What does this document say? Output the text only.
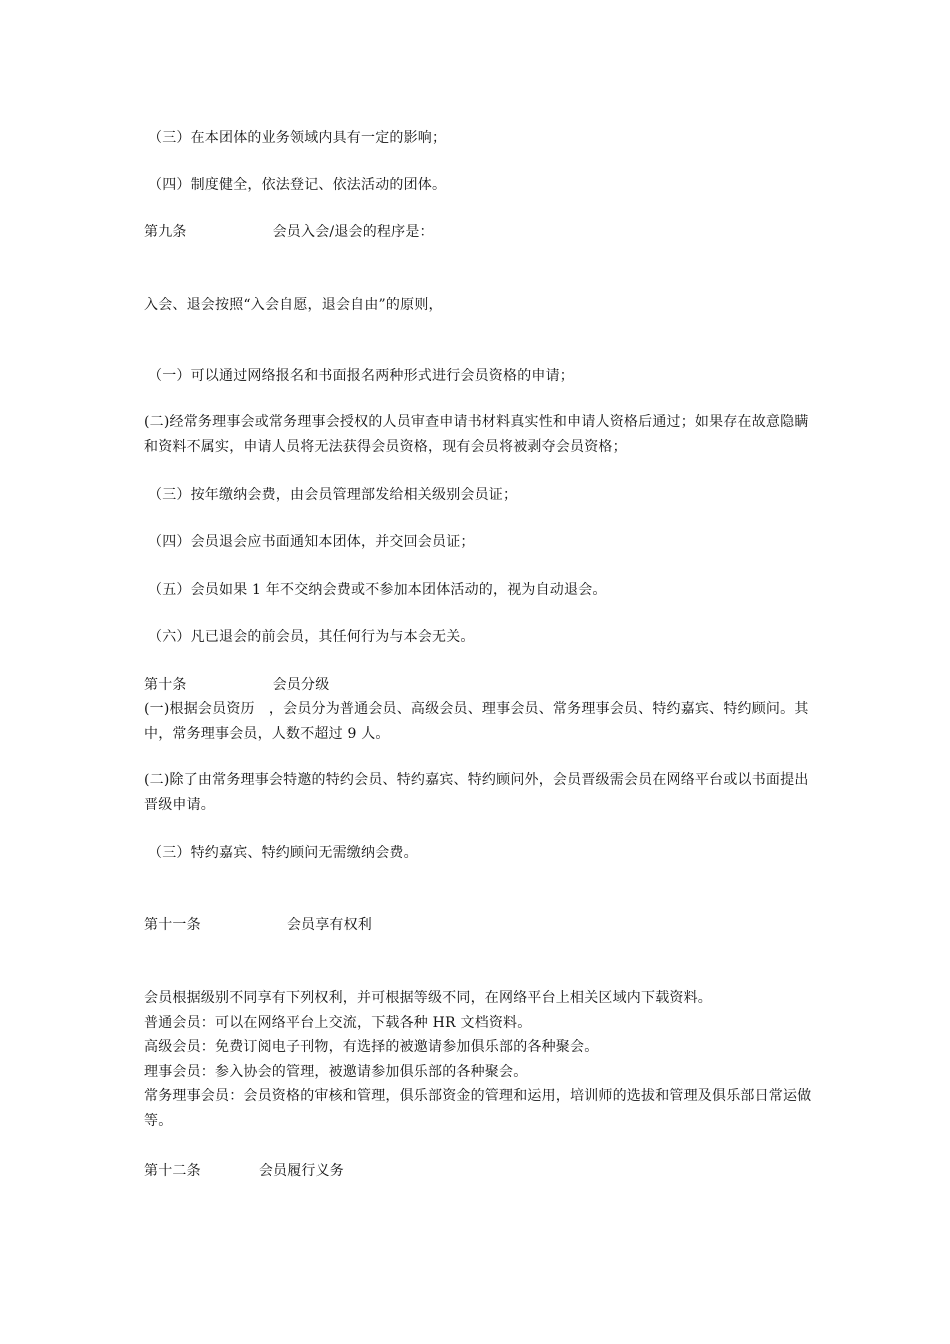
（三）在本团体的业务领域内具有一定的影响；
（四）制度健全，依法登记、依法活动的团体。
第九条	会员入会/退会的程序是：
入会、退会按照“入会自愿，退会自由”的原则，
（一）可以通过网络报名和书面报名两种形式进行会员资格的申请；
(二)经常务理事会或常务理事会授权的人员审查申请书材料真实性和申请人资格后通过；如果存在故意隐瞒和资料不属实，申请人员将无法获得会员资格，现有会员将被剥夺会员资格；
（三）按年缴纳会费，由会员管理部发给相关级别会员证；
（四）会员退会应书面通知本团体，并交回会员证；
（五）会员如果 1 年不交纳会费或不参加本团体活动的，视为自动退会。
（六）凡已退会的前会员，其任何行为与本会无关。
第十条	会员分级
(一)根据会员资历　，会员分为普通会员、高级会员、理事会员、常务理事会员、特约嘉宾、特约顾问。其中，常务理事会员，人数不超过 9 人。
(二)除了由常务理事会特邀的特约会员、特约嘉宾、特约顾问外，会员晋级需会员在网络平台或以书面提出晋级申请。
（三）特约嘉宾、特约顾问无需缴纳会费。
第十一条	会员享有权利
会员根据级别不同享有下列权利，并可根据等级不同，在网络平台上相关区域内下载资料。
普通会员：可以在网络平台上交流，下载各种 HR 文档资料。
高级会员：免费订阅电子刊物，有选择的被邀请参加俱乐部的各种聚会。
理事会员：参入协会的管理，被邀请参加俱乐部的各种聚会。
常务理事会员：会员资格的审核和管理，俱乐部资金的管理和运用，培训师的选拔和管理及俱乐部日常运做等。
第十二条	会员履行义务
